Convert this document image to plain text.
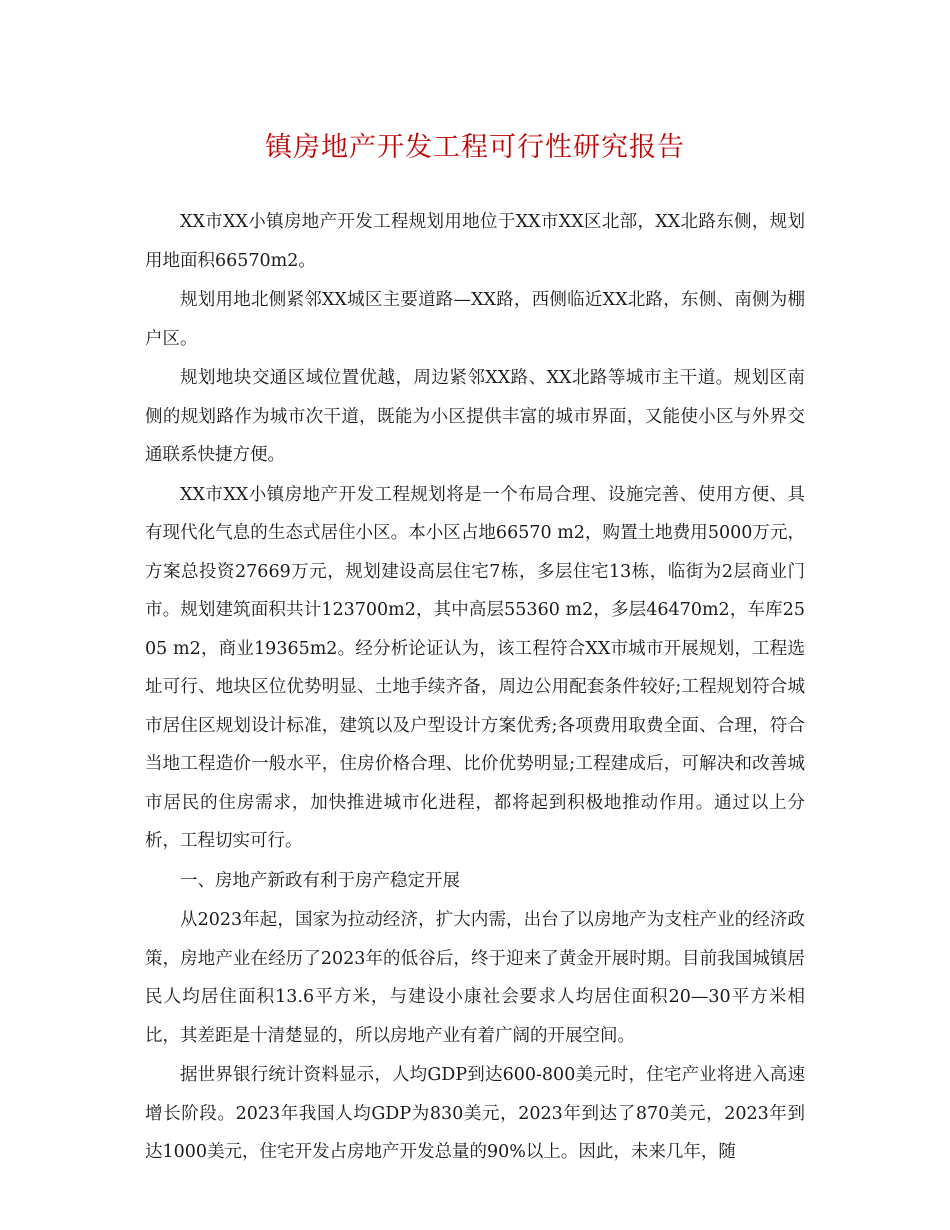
镇房地产开发工程可行性研究报告

XX市XX小镇房地产开发工程规划用地位于XX市XX区北部，XX北路东侧，规划用地面积66570m2。

规划用地北侧紧邻XX城区主要道路—XX路，西侧临近XX北路，东侧、南侧为棚户区。

规划地块交通区域位置优越，周边紧邻XX路、XX北路等城市主干道。规划区南侧的规划路作为城市次干道，既能为小区提供丰富的城市界面，又能使小区与外界交通联系快捷方便。

XX市XX小镇房地产开发工程规划将是一个布局合理、设施完善、使用方便、具有现代化气息的生态式居住小区。本小区占地66570 m2，购置土地费用5000万元，方案总投资27669万元，规划建设高层住宅7栋，多层住宅13栋，临街为2层商业门市。规划建筑面积共计123700m2，其中高层55360 m2，多层46470m2，车库2505 m2，商业19365m2。经分析论证认为，该工程符合XX市城市开展规划，工程选址可行、地块区位优势明显、土地手续齐备，周边公用配套条件较好;工程规划符合城市居住区规划设计标准，建筑以及户型设计方案优秀;各项费用取费全面、合理，符合当地工程造价一般水平，住房价格合理、比价优势明显;工程建成后，可解决和改善城市居民的住房需求，加快推进城市化进程，都将起到积极地推动作用。通过以上分析，工程切实可行。

一、房地产新政有利于房产稳定开展

从2023年起，国家为拉动经济，扩大内需，出台了以房地产为支柱产业的经济政策，房地产业在经历了2023年的低谷后，终于迎来了黄金开展时期。目前我国城镇居民人均居住面积13.6平方米，与建设小康社会要求人均居住面积20—30平方米相比，其差距是十清楚显的，所以房地产业有着广阔的开展空间。

据世界银行统计资料显示，人均GDP到达600-800美元时，住宅产业将进入高速增长阶段。2023年我国人均GDP为830美元，2023年到达了870美元，2023年到达1000美元，住宅开发占房地产开发总量的90%以上。因此，未来几年，随
